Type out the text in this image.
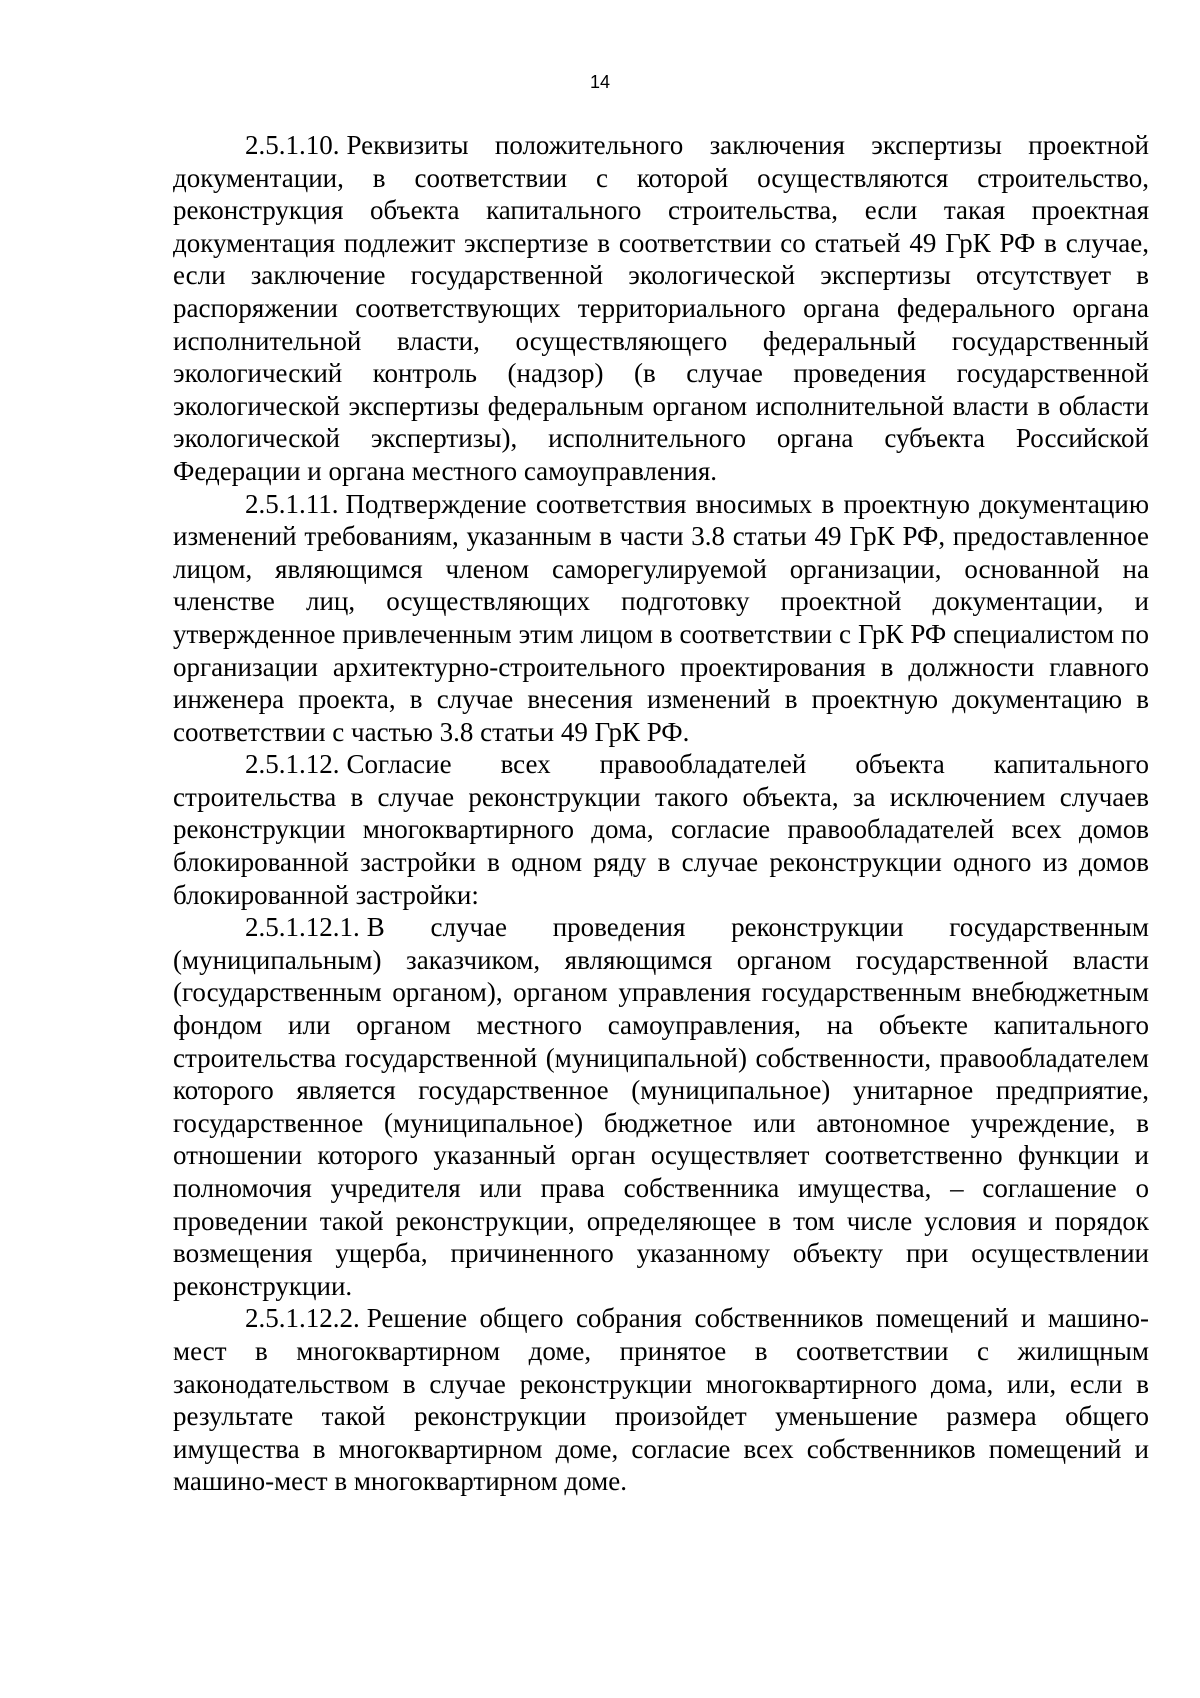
14

2.5.1.10. Реквизиты положительного заключения экспертизы проектной документации, в соответствии с которой осуществляются строительство, реконструкция объекта капитального строительства, если такая проектная документация подлежит экспертизе в соответствии со статьей 49 ГрК РФ в случае, если заключение государственной экологической экспертизы отсутствует в распоряжении соответствующих территориального органа федерального органа исполнительной власти, осуществляющего федеральный государственный экологический контроль (надзор) (в случае проведения государственной экологической экспертизы федеральным органом исполнительной власти в области экологической экспертизы), исполнительного органа субъекта Российской Федерации и органа местного самоуправления.

2.5.1.11. Подтверждение соответствия вносимых в проектную документацию изменений требованиям, указанным в части 3.8 статьи 49 ГрК РФ, предоставленное лицом, являющимся членом саморегулируемой организации, основанной на членстве лиц, осуществляющих подготовку проектной документации, и утвержденное привлеченным этим лицом в соответствии с ГрК РФ специалистом по организации архитектурно-строительного проектирования в должности главного инженера проекта, в случае внесения изменений в проектную документацию в соответствии с частью 3.8 статьи 49 ГрК РФ.

2.5.1.12. Согласие всех правообладателей объекта капитального строительства в случае реконструкции такого объекта, за исключением случаев реконструкции многоквартирного дома, согласие правообладателей всех домов блокированной застройки в одном ряду в случае реконструкции одного из домов блокированной застройки:

2.5.1.12.1. В случае проведения реконструкции государственным (муниципальным) заказчиком, являющимся органом государственной власти (государственным органом), органом управления государственным внебюджетным фондом или органом местного самоуправления, на объекте капитального строительства государственной (муниципальной) собственности, правообладателем которого является государственное (муниципальное) унитарное предприятие, государственное (муниципальное) бюджетное или автономное учреждение, в отношении которого указанный орган осуществляет соответственно функции и полномочия учредителя или права собственника имущества, – соглашение о проведении такой реконструкции, определяющее в том числе условия и порядок возмещения ущерба, причиненного указанному объекту при осуществлении реконструкции.

2.5.1.12.2. Решение общего собрания собственников помещений и машино-мест в многоквартирном доме, принятое в соответствии с жилищным законодательством в случае реконструкции многоквартирного дома, или, если в результате такой реконструкции произойдет уменьшение размера общего имущества в многоквартирном доме, согласие всех собственников помещений и машино-мест в многоквартирном доме.
